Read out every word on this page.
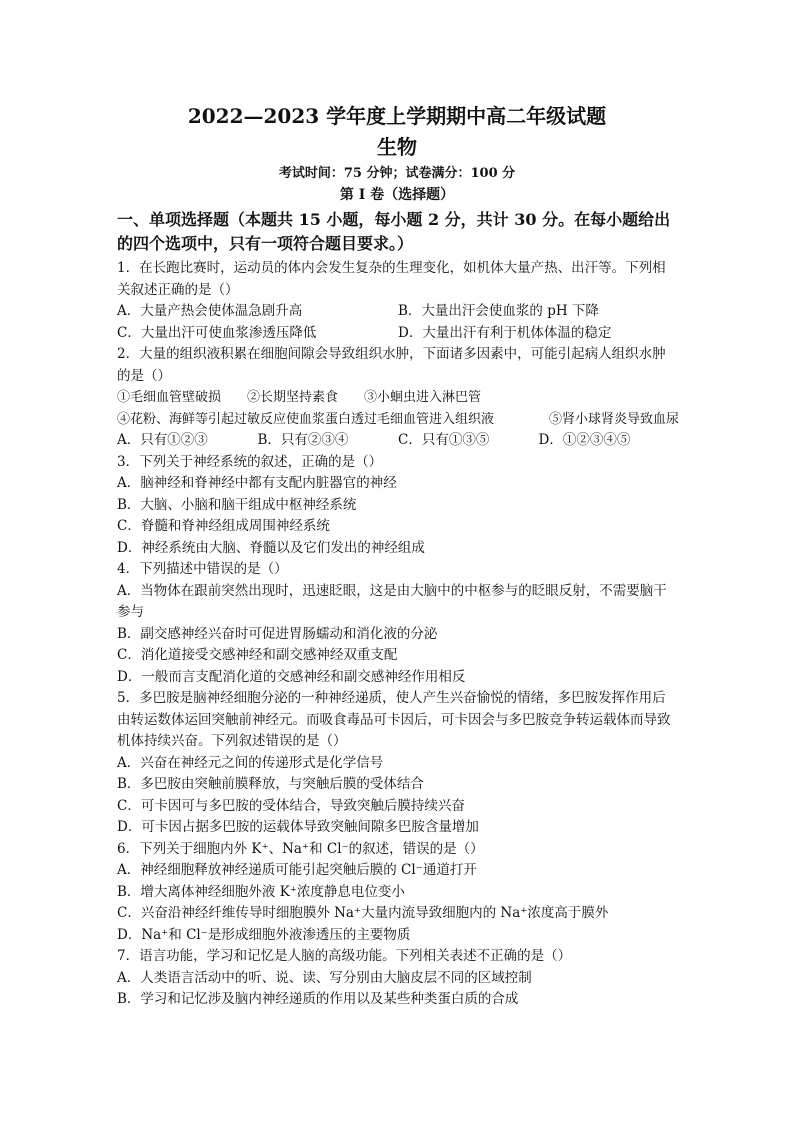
2022—2023 学年度上学期期中高二年级试题
生物
考试时间：75 分钟；试卷满分：100 分
第 I 卷（选择题）
一、单项选择题（本题共 15 小题，每小题 2 分，共计 30 分。在每小题给出的四个选项中，只有一项符合题目要求。）
1．在长跑比赛时，运动员的体内会发生复杂的生理变化，如机体大量产热、出汗等。下列相关叙述正确的是（）
A．大量产热会使体温急剧升高	B．大量出汗会使血浆的 pH 下降
C．大量出汗可使血浆渗透压降低	D．大量出汗有利于机体体温的稳定
2．大量的组织液积累在细胞间隙会导致组织水肿，下面诸多因素中，可能引起病人组织水肿的是（）
①毛细血管壁破损 ②长期坚持素食 ③小蛔虫进入淋巴管
④花粉、海鲜等引起过敏反应使血浆蛋白透过毛细血管进入组织液	⑤肾小球肾炎导致血尿
A．只有①②③	B．只有②③④	C．只有①③⑤	D．①②③④⑤
3．下列关于神经系统的叙述，正确的是（）
A．脑神经和脊神经中都有支配内脏器官的神经
B．大脑、小脑和脑干组成中枢神经系统
C．脊髓和脊神经组成周围神经系统
D．神经系统由大脑、脊髓以及它们发出的神经组成
4．下列描述中错误的是（）
A．当物体在跟前突然出现时，迅速眨眼，这是由大脑中的中枢参与的眨眼反射，不需要脑干参与
B．副交感神经兴奋时可促进胃肠蠕动和消化液的分泌
C．消化道接受交感神经和副交感神经双重支配
D．一般而言支配消化道的交感神经和副交感神经作用相反
5．多巴胺是脑神经细胞分泌的一种神经递质，使人产生兴奋愉悦的情绪，多巴胺发挥作用后由转运数体运回突触前神经元。而吸食毒品可卡因后，可卡因会与多巴胺竞争转运载体而导致机体持续兴奋。下列叙述错误的是（）
A．兴奋在神经元之间的传递形式是化学信号
B．多巴胺由突触前膜释放，与突触后膜的受体结合
C．可卡因可与多巴胺的受体结合，导致突触后膜持续兴奋
D．可卡因占据多巴胺的运载体导致突触间隙多巴胺含量增加
6．下列关于细胞内外 K⁺、Na⁺和 Cl⁻的叙述，错误的是（）
A．神经细胞释放神经递质可能引起突触后膜的 Cl⁻通道打开
B．增大离体神经细胞外液 K⁺浓度静息电位变小
C．兴奋沿神经纤维传导时细胞膜外 Na⁺大量内流导致细胞内的 Na⁺浓度高于膜外
D．Na⁺和 Cl⁻是形成细胞外液渗透压的主要物质
7．语言功能，学习和记忆是人脑的高级功能。下列相关表述不正确的是（）
A．人类语言活动中的听、说、读、写分别由大脑皮层不同的区域控制
B．学习和记忆涉及脑内神经递质的作用以及某些种类蛋白质的合成
